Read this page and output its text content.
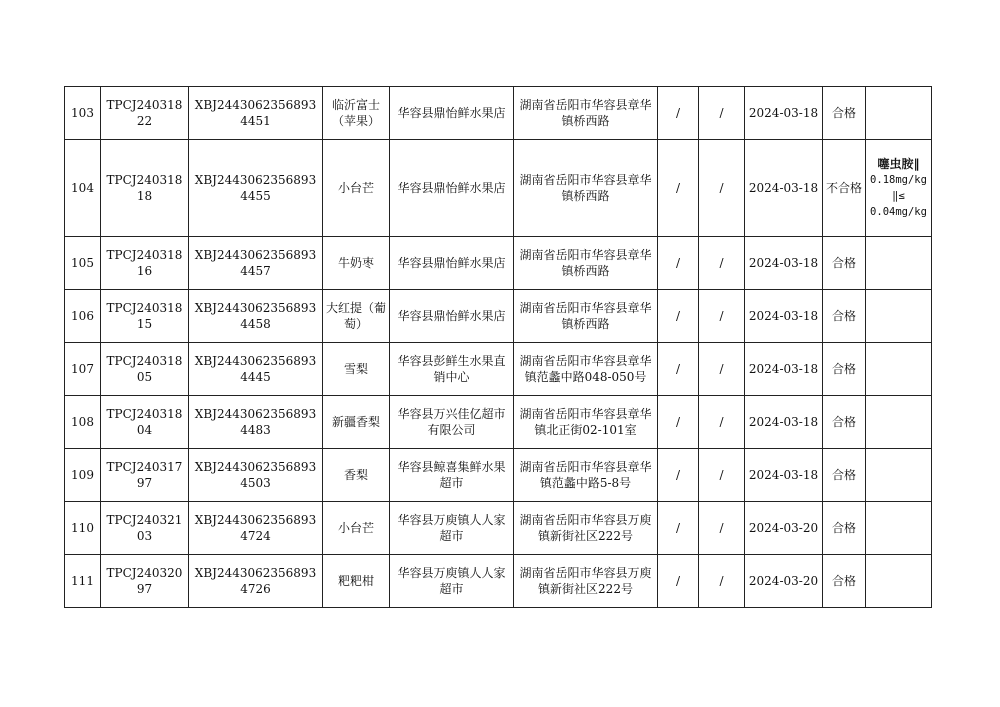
103	TPCJ24031822	XBJ24430623568934451	临沂富士（苹果）	华容县鼎怡鲜水果店	湖南省岳阳市华容县章华镇桥西路	/	/	2024-03-18	合格	
104	TPCJ24031818	XBJ24430623568934455	小台芒	华容县鼎怡鲜水果店	湖南省岳阳市华容县章华镇桥西路	/	/	2024-03-18	不合格	噻虫胺‖
0.18mg/kg
‖≤
0.04mg/kg

105	TPCJ24031816	XBJ24430623568934457	牛奶枣	华容县鼎怡鲜水果店	湖南省岳阳市华容县章华镇桥西路	/	/	2024-03-18	合格	
106	TPCJ24031815	XBJ24430623568934458	大红提（葡萄）	华容县鼎怡鲜水果店	湖南省岳阳市华容县章华镇桥西路	/	/	2024-03-18	合格	
107	TPCJ24031805	XBJ24430623568934445	雪梨	华容县彭鲜生水果直销中心	湖南省岳阳市华容县章华镇范蠡中路048-050号	/	/	2024-03-18	合格	
108	TPCJ24031804	XBJ24430623568934483	新疆香梨	华容县万兴佳亿超市有限公司	湖南省岳阳市华容县章华镇北正街02-101室	/	/	2024-03-18	合格	
109	TPCJ24031797	XBJ24430623568934503	香梨	华容县鲸喜集鲜水果超市	湖南省岳阳市华容县章华镇范蠡中路5-8号	/	/	2024-03-18	合格	
110	TPCJ24032103	XBJ24430623568934724	小台芒	华容县万庾镇人人家超市	湖南省岳阳市华容县万庾镇新街社区222号	/	/	2024-03-20	合格	
111	TPCJ24032097	XBJ24430623568934726	粑粑柑	华容县万庾镇人人家超市	湖南省岳阳市华容县万庾镇新街社区222号	/	/	2024-03-20	合格	
